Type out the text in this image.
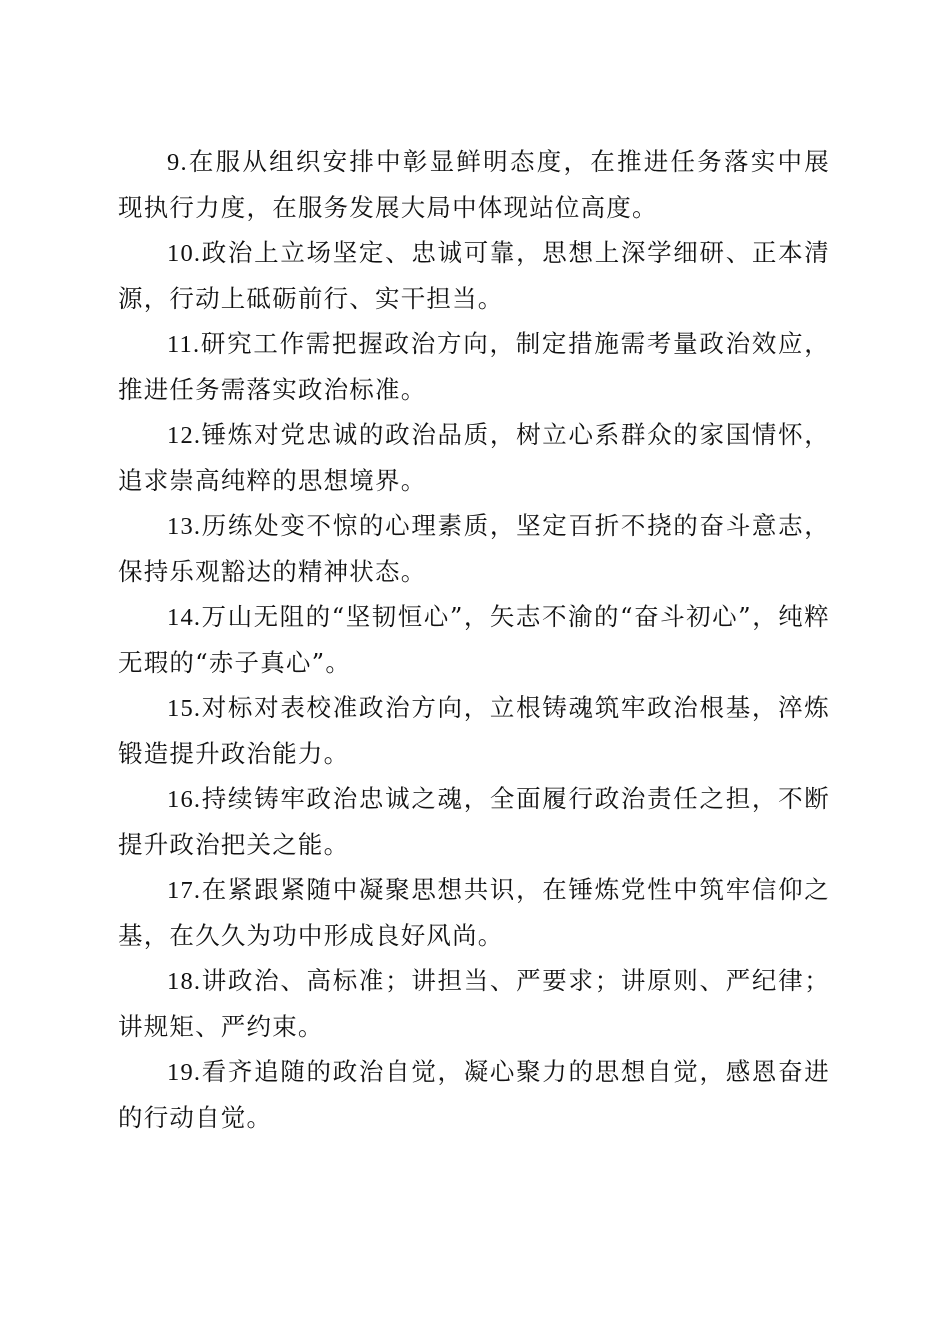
9.在服从组织安排中彰显鲜明态度，在推进任务落实中展现执行力度，在服务发展大局中体现站位高度。

10.政治上立场坚定、忠诚可靠，思想上深学细研、正本清源，行动上砥砺前行、实干担当。

11.研究工作需把握政治方向，制定措施需考量政治效应，推进任务需落实政治标准。

12.锤炼对党忠诚的政治品质，树立心系群众的家国情怀，追求崇高纯粹的思想境界。

13.历练处变不惊的心理素质，坚定百折不挠的奋斗意志，保持乐观豁达的精神状态。

14.万山无阻的“坚韧恒心”，矢志不渝的“奋斗初心”，纯粹无瑕的“赤子真心”。

15.对标对表校准政治方向，立根铸魂筑牢政治根基，淬炼锻造提升政治能力。

16.持续铸牢政治忠诚之魂，全面履行政治责任之担，不断提升政治把关之能。

17.在紧跟紧随中凝聚思想共识，在锤炼党性中筑牢信仰之基，在久久为功中形成良好风尚。

18.讲政治、高标准；讲担当、严要求；讲原则、严纪律；讲规矩、严约束。

19.看齐追随的政治自觉，凝心聚力的思想自觉，感恩奋进的行动自觉。
